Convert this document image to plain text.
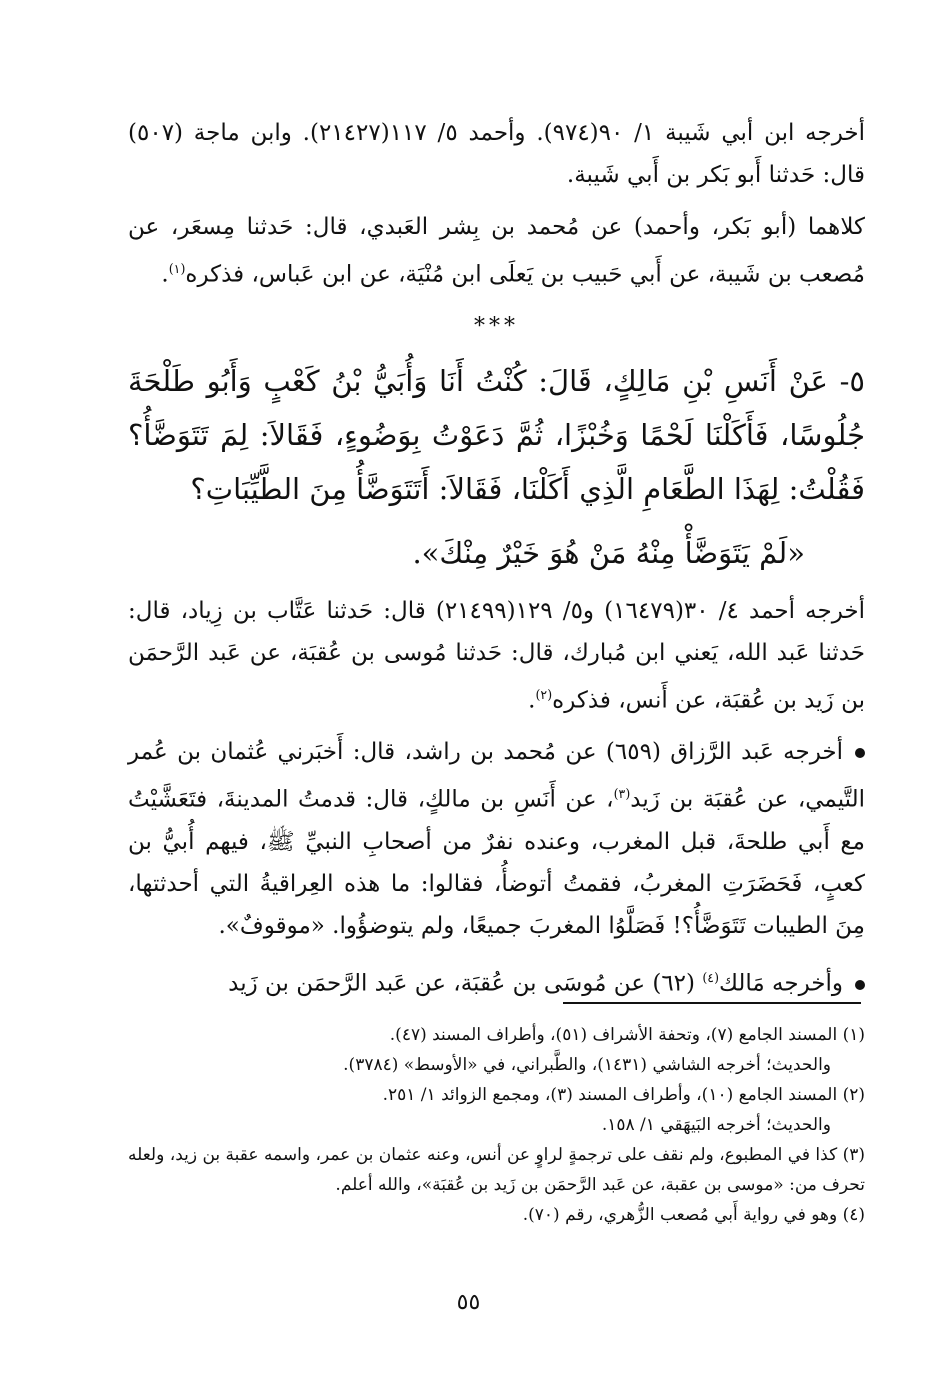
أخرجه ابن أبي شَيبة ١/ ٩٠(٩٧٤). وأحمد ٥/ ١١٧(٢١٤٢٧). وابن ماجة (٥٠٧) قال: حَدثنا أَبو بَكر بن أَبي شَيبة.

كلاهما (أبو بَكر، وأحمد) عن مُحمد بن بِشر العَبدي، قال: حَدثنا مِسعَر، عن مُصعب بن شَيبة، عن أَبي حَبيب بن يَعلَى ابن مُنْيَة، عن ابن عَباس، فذكره$^{(١)}$.

***

٥- عَنْ أَنَسِ بْنِ مَالِكٍ، قَالَ: كُنْتُ أَنَا وَأُبَيُّ بْنُ كَعْبٍ وَأَبُو طَلْحَةَ جُلُوسًا، فَأَكَلْنَا لَحْمًا وَخُبْزًا، ثُمَّ دَعَوْتُ بِوَضُوءٍ، فَقَالاَ: لِمَ تَتَوَضَّأُ؟ فَقُلْتُ: لِهَذَا الطَّعَامِ الَّذِي أَكَلْنَا، فَقَالاَ: أَتَتَوَضَّأُ مِنَ الطَّيِّبَاتِ؟

«لَمْ يَتَوَضَّأْ مِنْهُ مَنْ هُوَ خَيْرٌ مِنْكَ».

أخرجه أحمد ٤/ ٣٠(١٦٤٧٩) و٥/ ١٢٩(٢١٤٩٩) قال: حَدثنا عَتَّاب بن زِياد، قال: حَدثنا عَبد الله، يَعني ابن مُبارك، قال: حَدثنا مُوسى بن عُقبَة، عن عَبد الرَّحمَن بن زَيد بن عُقبَة، عن أَنس، فذكره$^{(٢)}$.

أخرجه عَبد الرَّزاق (٦٥٩) عن مُحمد بن راشد، قال: أَخبَرني عُثمان بن عُمر التَّيمي، عن عُقبَة بن زَيد$^{(٣)}$، عن أَنَسِ بن مالكٍ، قال: قدمتُ المدينةَ، فتَعَشَّيْتُ مع أَبي طلحةَ، قبل المغرب، وعنده نفرٌ من أصحابِ النبيِّ ﷺ، فيهم أُبيُّ بن كعبٍ، فَحَضَرَتِ المغربُ، فقمتُ أتوضأُ، فقالوا: ما هذه العِراقيةُ التي أحدثتها، مِنَ الطيبات تَتَوَضَّأُ؟! فَصَلَّوُا المغربَ جميعًا، ولم يتوضؤُوا. «موقوفٌ».

وأخرجه مَالك$^{(٤)}$ (٦٢) عن مُوسَى بن عُقبَة، عن عَبد الرَّحمَن بن زَيد

(١) المسند الجامع (٧)، وتحفة الأشراف (٥١)، وأطراف المسند (٤٧).

والحديث؛ أخرجه الشاشي (١٤٣١)، والطَّبراني، في «الأوسط» (٣٧٨٤).

(٢) المسند الجامع (١٠)، وأطراف المسند (٣)، ومجمع الزوائد ١/ ٢٥١.

والحديث؛ أخرجه البَيهَقي ١/ ١٥٨.

(٣) كذا في المطبوع، ولم نقف على ترجمةٍ لراوٍ عن أنس، وعنه عثمان بن عمر، واسمه عقبة بن زيد، ولعله تحرف من: «موسى بن عقبة، عن عَبد الرَّحمَن بن زَيد بن عُقبَة»، والله أعلم.

(٤) وهو في رواية أَبي مُصعب الزُّهري، رقم (٧٠).

٥٥
